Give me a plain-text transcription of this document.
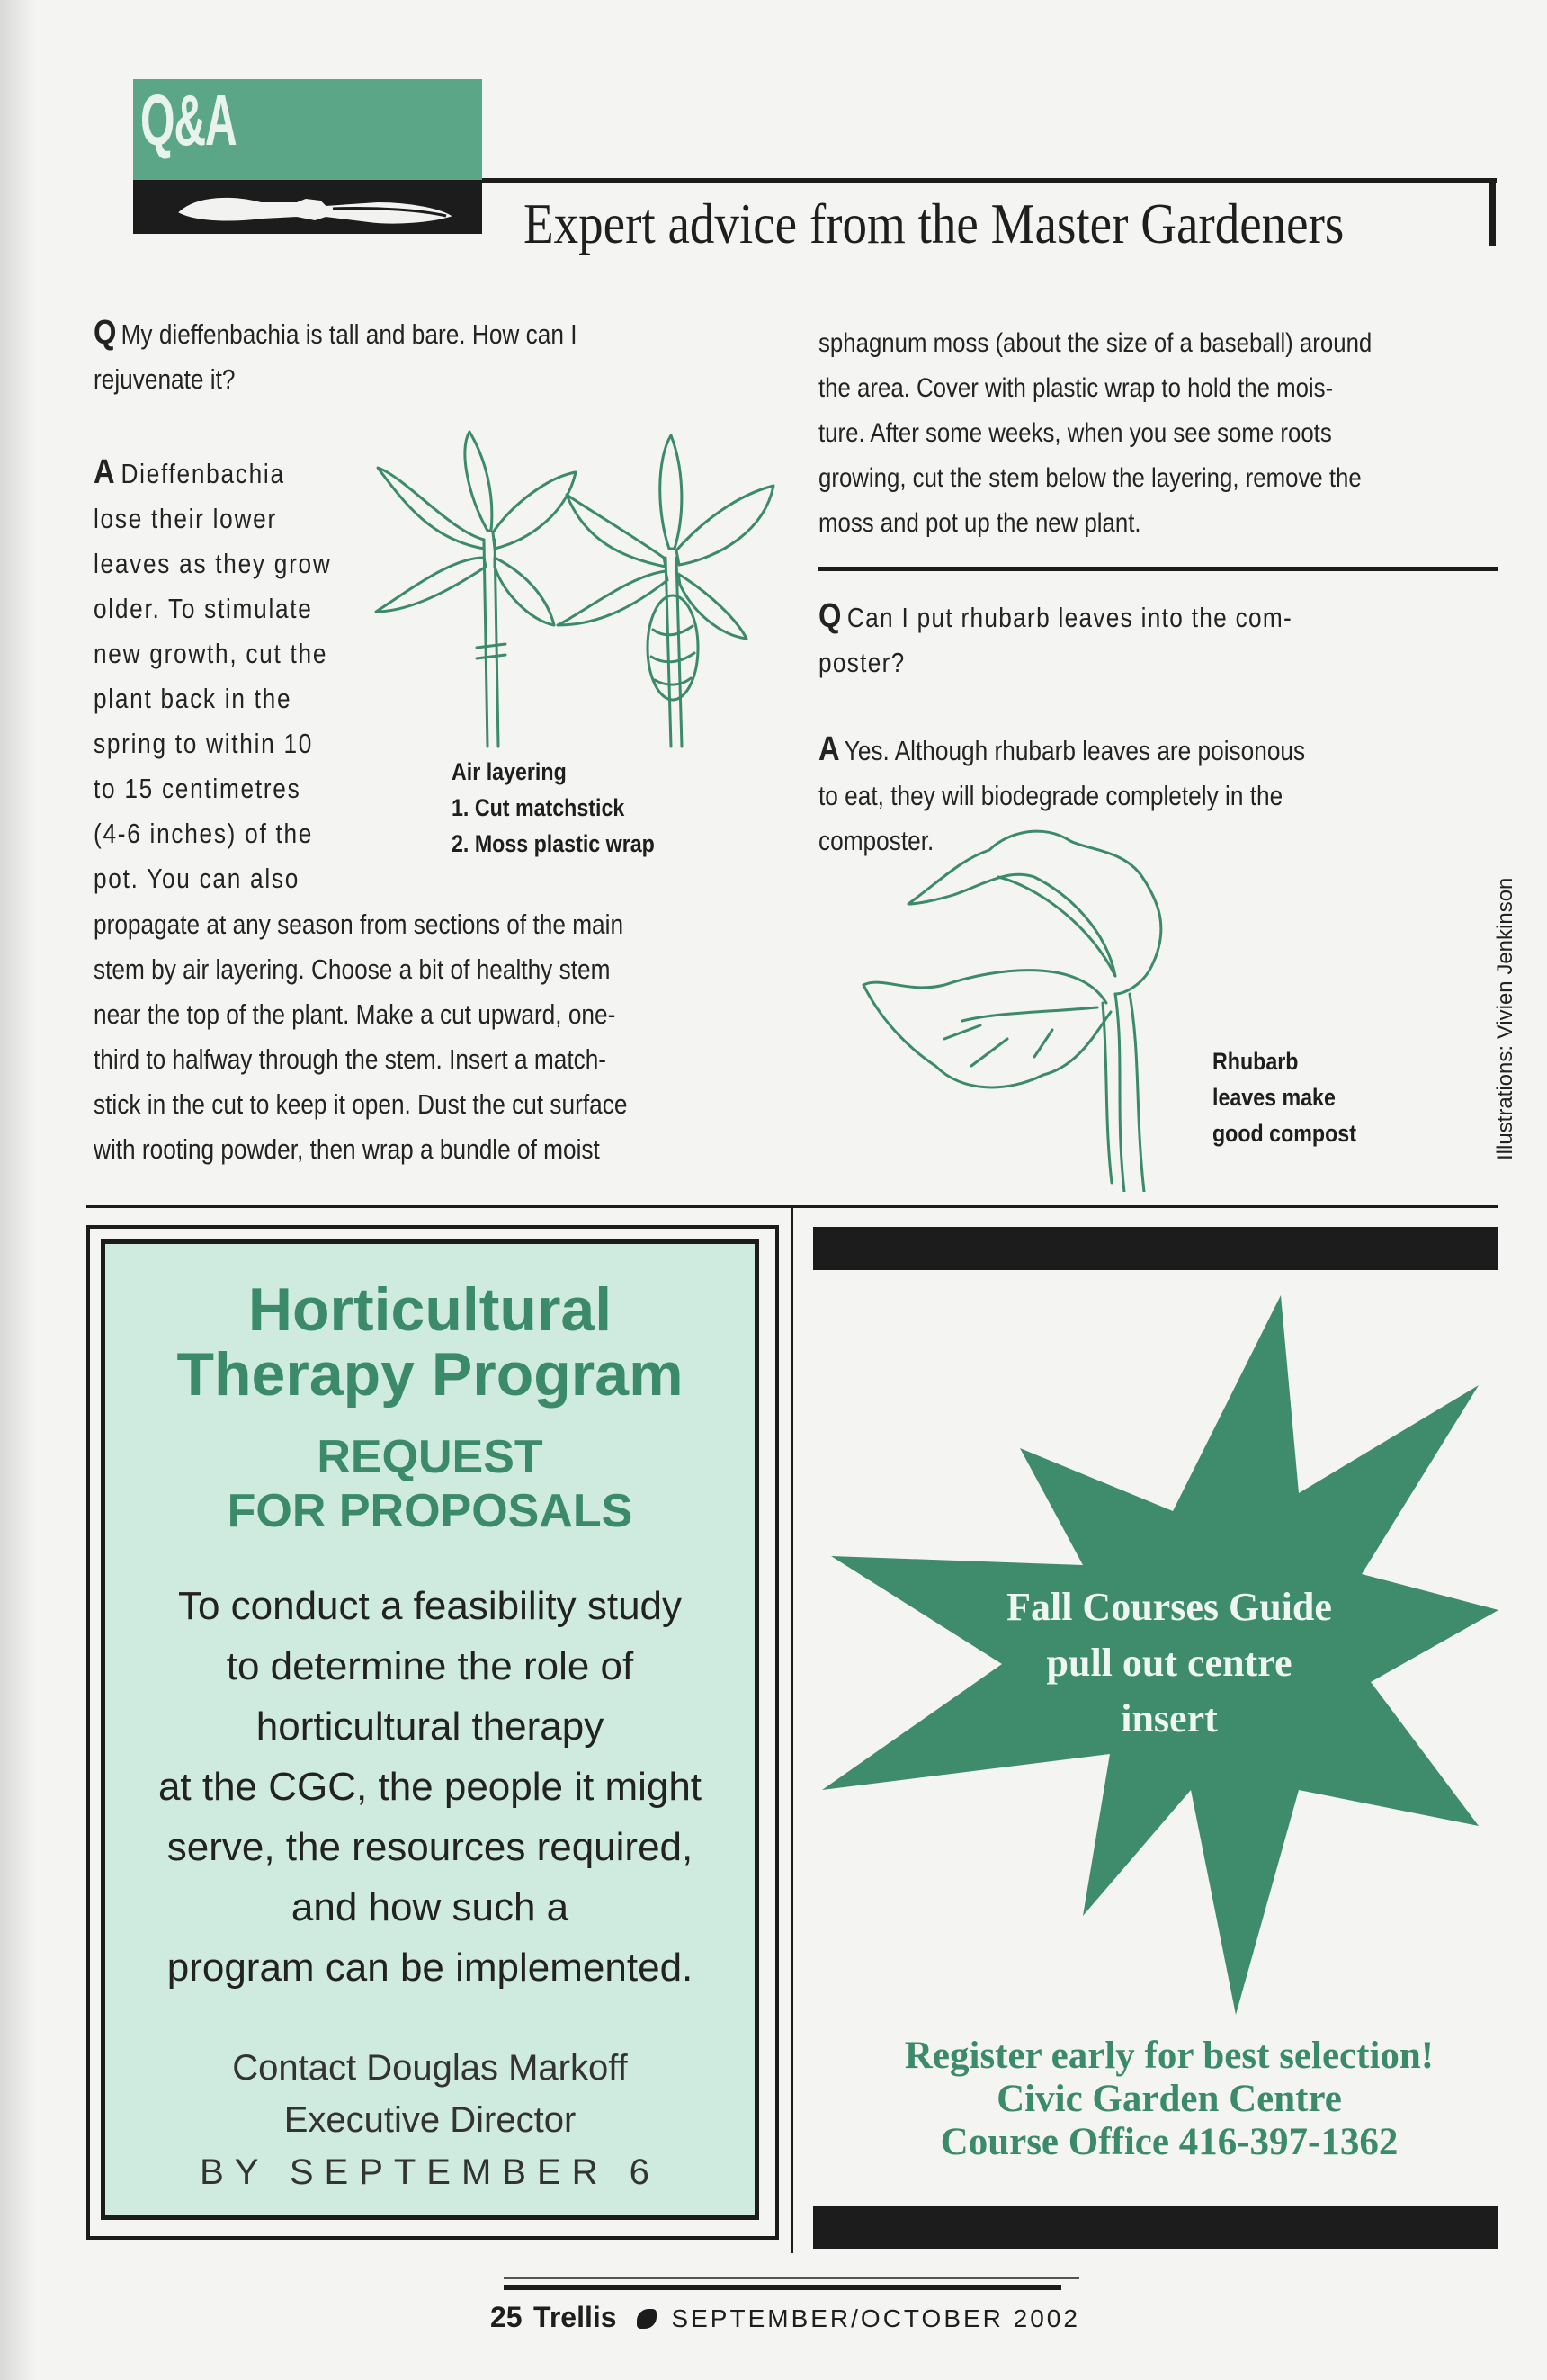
Q&A
Expert advice from the Master Gardeners
Q My dieffenbachia is tall and bare. How can I
rejuvenate it?
A Dieffenbachia
lose their lower
leaves as they grow
older. To stimulate
new growth, cut the
plant back in the
spring to within 10
to 15 centimetres
(4-6 inches) of the
pot. You can also
propagate at any season from sections of the main
stem by air layering. Choose a bit of healthy stem
near the top of the plant. Make a cut upward, one-
third to halfway through the stem. Insert a match-
stick in the cut to keep it open. Dust the cut surface
with rooting powder, then wrap a bundle of moist
Air layering
1. Cut matchstick
2. Moss plastic wrap
sphagnum moss (about the size of a baseball) around
the area. Cover with plastic wrap to hold the mois-
ture. After some weeks, when you see some roots
growing, cut the stem below the layering, remove the
moss and pot up the new plant.
Q Can I put rhubarb leaves into the com-
poster?
A Yes. Although rhubarb leaves are poisonous
to eat, they will biodegrade completely in the
composter.
Rhubarb
leaves make
good compost	Illustrations: Vivien Jenkinson
Horticultural
Therapy Program
REQUEST
FOR PROPOSALS
To conduct a feasibility study
to determine the role of
horticultural therapy
at the CGC, the people it might
serve, the resources required,
and how such a
program can be implemented.
Contact Douglas Markoff
Executive Director
BY SEPTEMBER 6
Fall Courses Guide
pull out centre
insert
Register early for best selection!
Civic Garden Centre
Course Office 416-397-1362
25 Trellis SEPTEMBER/OCTOBER 2002
